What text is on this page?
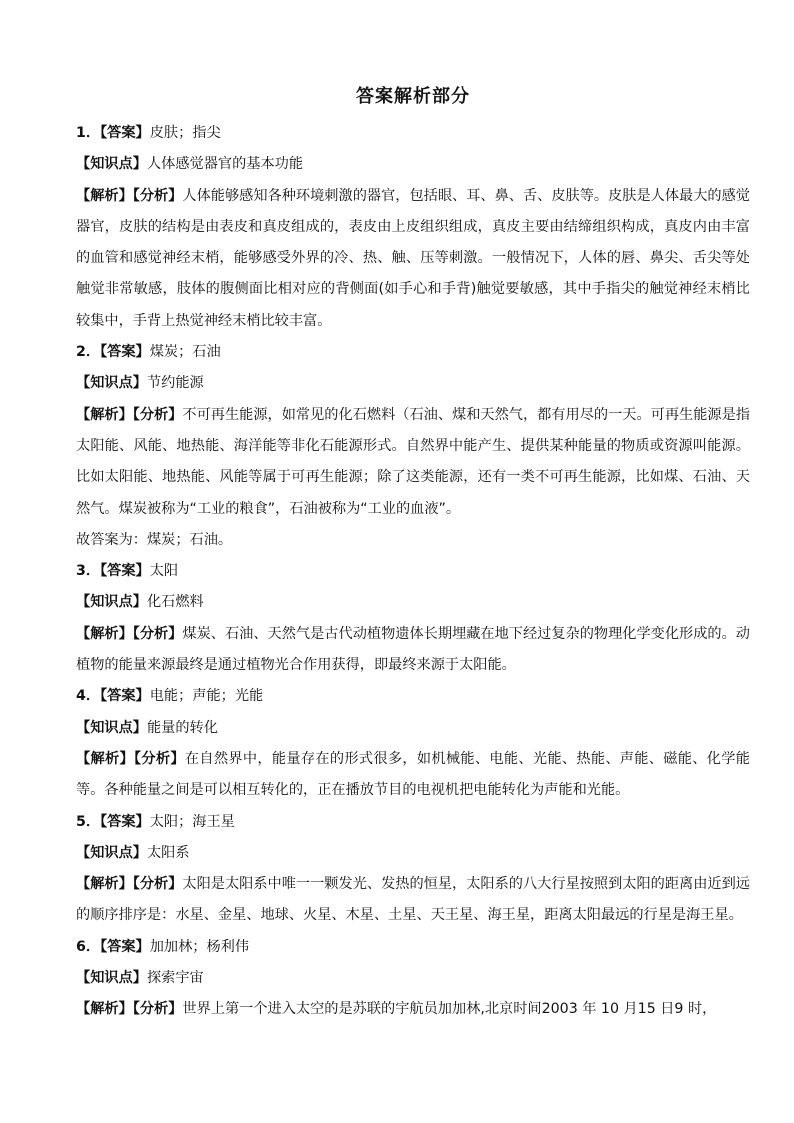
答案解析部分
1．【答案】皮肤；指尖
【知识点】人体感觉器官的基本功能
【解析】【分析】人体能够感知各种环境刺激的器官，包括眼、耳、鼻、舌、皮肤等。皮肤是人体最大的感觉器官，皮肤的结构是由表皮和真皮组成的，表皮由上皮组织组成，真皮主要由结缔组织构成，真皮内由丰富的血管和感觉神经末梢，能够感受外界的冷、热、触、压等刺激。一般情况下，人体的唇、鼻尖、舌尖等处触觉非常敏感，肢体的腹侧面比相对应的背侧面(如手心和手背)触觉要敏感，其中手指尖的触觉神经末梢比较集中，手背上热觉神经末梢比较丰富。
2．【答案】煤炭；石油
【知识点】节约能源
【解析】【分析】不可再生能源，如常见的化石燃料（石油、煤和天然气，都有用尽的一天。可再生能源是指太阳能、风能、地热能、海洋能等非化石能源形式。自然界中能产生、提供某种能量的物质或资源叫能源。比如太阳能、地热能、风能等属于可再生能源；除了这类能源，还有一类不可再生能源，比如煤、石油、天然气。煤炭被称为“工业的粮食”，石油被称为“工业的血液”。
故答案为：煤炭；石油。
3．【答案】太阳
【知识点】化石燃料
【解析】【分析】煤炭、石油、天然气是古代动植物遗体长期埋藏在地下经过复杂的物理化学变化形成的。动植物的能量来源最终是通过植物光合作用获得，即最终来源于太阳能。
4．【答案】电能；声能；光能
【知识点】能量的转化
【解析】【分析】在自然界中，能量存在的形式很多，如机械能、电能、光能、热能、声能、磁能、化学能等。各种能量之间是可以相互转化的，正在播放节目的电视机把电能转化为声能和光能。
5．【答案】太阳；海王星
【知识点】太阳系
【解析】【分析】太阳是太阳系中唯一一颗发光、发热的恒星，太阳系的八大行星按照到太阳的距离由近到远的顺序排序是：水星、金星、地球、火星、木星、土星、天王星、海王星，距离太阳最远的行星是海王星。
6．【答案】加加林；杨利伟
【知识点】探索宇宙
【解析】【分析】世界上第一个进入太空的是苏联的宇航员加加林,北京时间2003 年 10 月15 日9 时，
